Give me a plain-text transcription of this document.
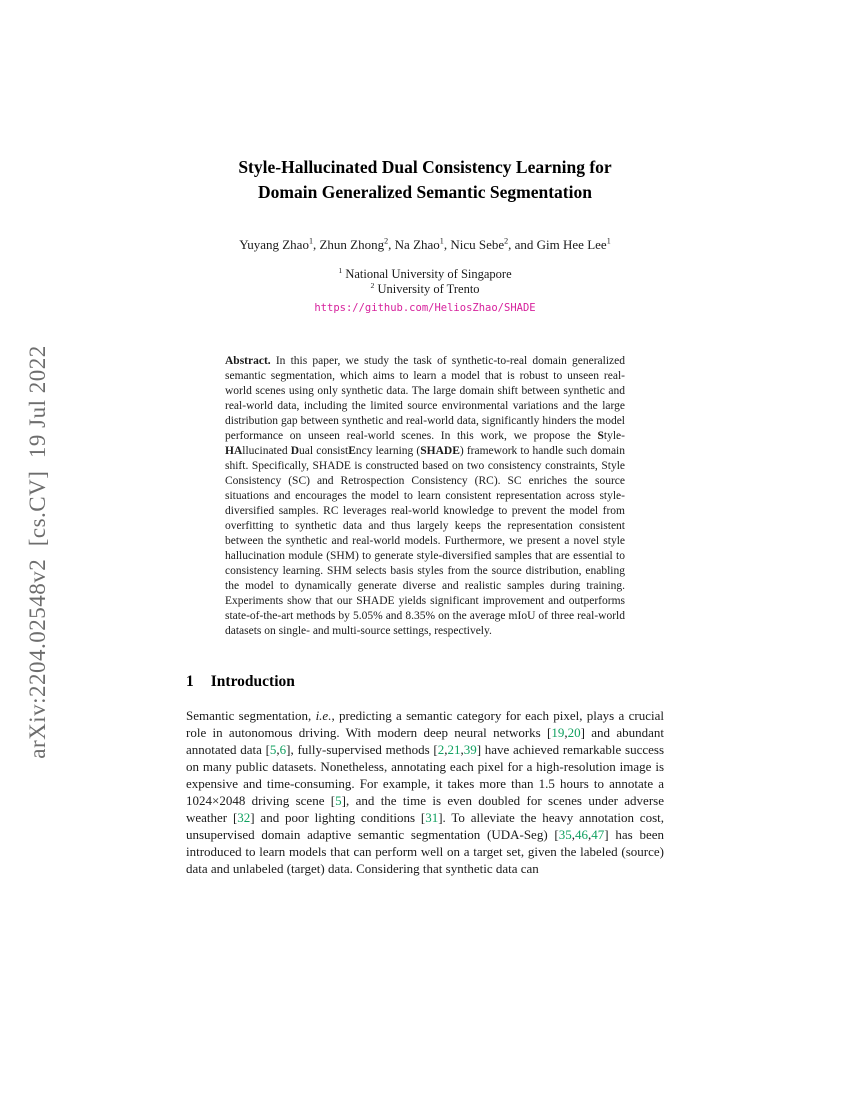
arXiv:2204.02548v2  [cs.CV]  19 Jul 2022
Style-Hallucinated Dual Consistency Learning for
Domain Generalized Semantic Segmentation
Yuyang Zhao$^1$, Zhun Zhong$^2$, Na Zhao$^1$, Nicu Sebe$^2$, and Gim Hee Lee$^1$
$^1$ National University of Singapore
$^2$ University of Trento
https://github.com/HeliosZhao/SHADE
Abstract. In this paper, we study the task of synthetic-to-real domain generalized semantic segmentation, which aims to learn a model that is robust to unseen real-world scenes using only synthetic data. The large domain shift between synthetic and real-world data, including the limited source environmental variations and the large distribution gap between synthetic and real-world data, significantly hinders the model performance on unseen real-world scenes. In this work, we propose the Style-HAllucinated Dual consistEncy learning (SHADE) framework to handle such domain shift. Specifically, SHADE is constructed based on two consistency constraints, Style Consistency (SC) and Retrospection Consistency (RC). SC enriches the source situations and encourages the model to learn consistent representation across style-diversified samples. RC leverages real-world knowledge to prevent the model from overfitting to synthetic data and thus largely keeps the representation consistent between the synthetic and real-world models. Furthermore, we present a novel style hallucination module (SHM) to generate style-diversified samples that are essential to consistency learning. SHM selects basis styles from the source distribution, enabling the model to dynamically generate diverse and realistic samples during training. Experiments show that our SHADE yields significant improvement and outperforms state-of-the-art methods by 5.05% and 8.35% on the average mIoU of three real-world datasets on single- and multi-source settings, respectively.
1 Introduction

Semantic segmentation, i.e., predicting a semantic category for each pixel, plays a crucial role in autonomous driving. With modern deep neural networks [19,20] and abundant annotated data [5,6], fully-supervised methods [2,21,39] have achieved remarkable success on many public datasets. Nonetheless, annotating each pixel for a high-resolution image is expensive and time-consuming. For example, it takes more than 1.5 hours to annotate a 1024×2048 driving scene [5], and the time is even doubled for scenes under adverse weather [32] and poor lighting conditions [31]. To alleviate the heavy annotation cost, unsupervised domain adaptive semantic segmentation (UDA-Seg) [35,46,47] has been introduced to learn models that can perform well on a target set, given the labeled (source) data and unlabeled (target) data. Considering that synthetic data can
